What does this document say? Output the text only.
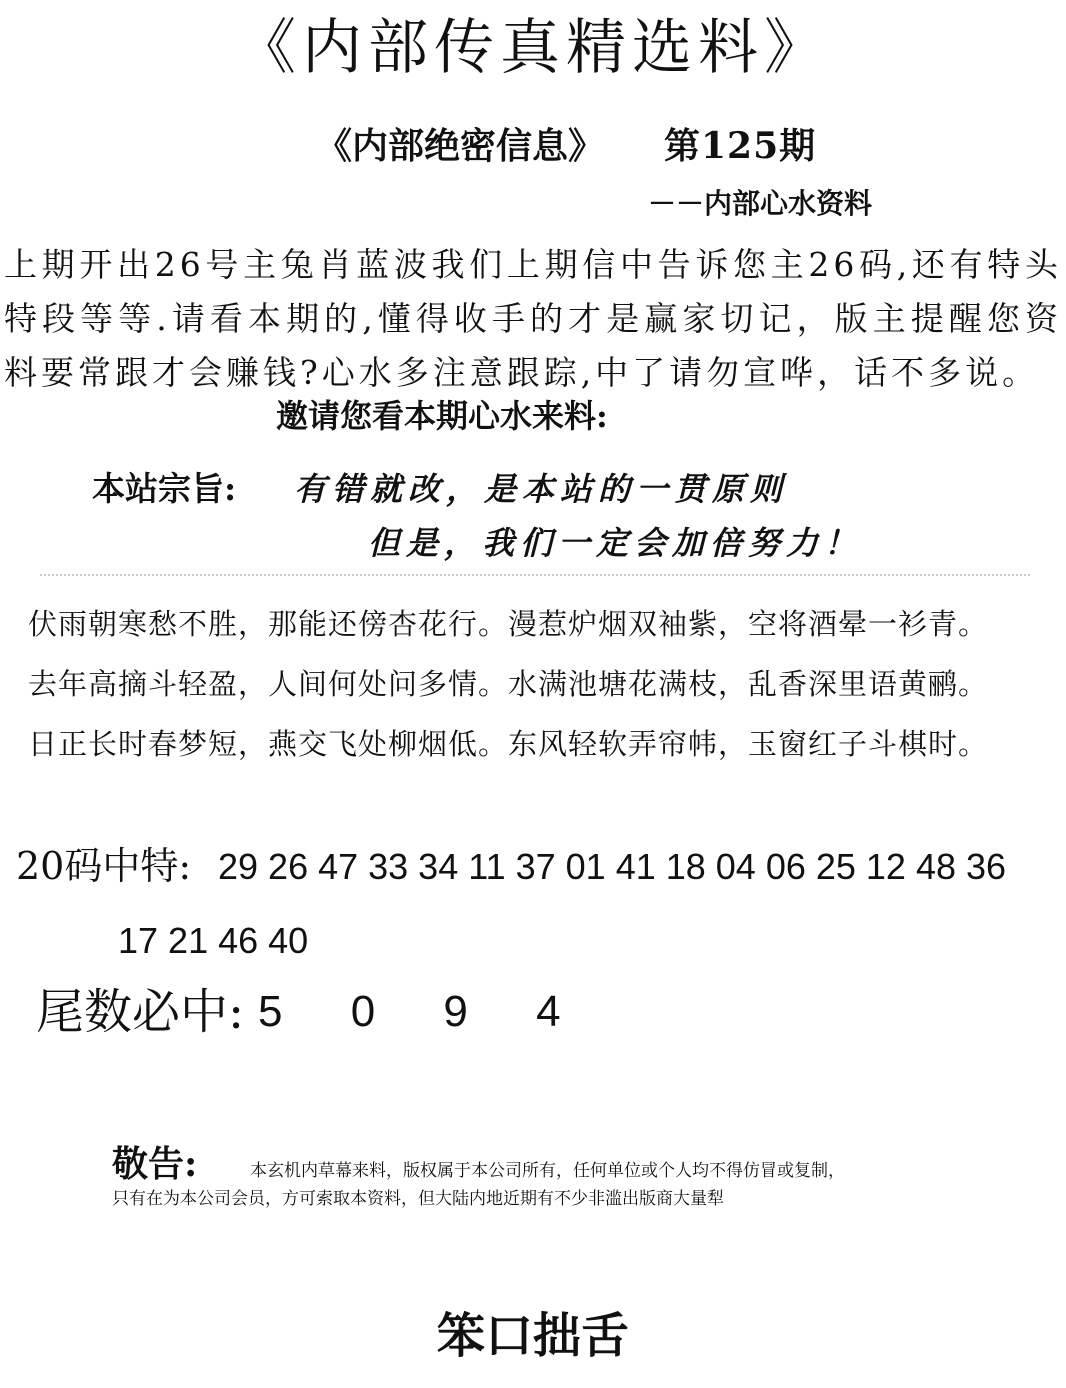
《内部传真精选料》
《内部绝密信息》 第125期
－－内部心水资料
上期开出26号主兔肖蓝波我们上期信中告诉您主26码,还有特头特段等等.请看本期的,懂得收手的才是赢家切记，版主提醒您资料要常跟才会赚钱?心水多注意跟踪,中了请勿宣哗，话不多说。
邀请您看本期心水来料:
本站宗旨: 有错就改，是本站的一贯原则
但是，我们一定会加倍努力！
伏雨朝寒愁不胜，那能还傍杏花行。漫惹炉烟双袖紫，空将酒晕一衫青。
去年高摘斗轻盈，人间何处问多情。水满池塘花满枝，乱香深里语黄鹂。
日正长时春梦短，燕交飞处柳烟低。东风轻软弄帘帏，玉窗红子斗棋时。
20码中特: 29 26 47 33 34 11 37 01 41 18 04 06 25 12 48 36
17 21 46 40
尾数必中: 5 0 9 4
敬告:	本玄机内草幕来料，版权属于本公司所有，任何单位或个人均不得仿冒或复制，
只有在为本公司会员，方可索取本资料，但大陆内地近期有不少非滥出版商大量犁
笨口拙舌
